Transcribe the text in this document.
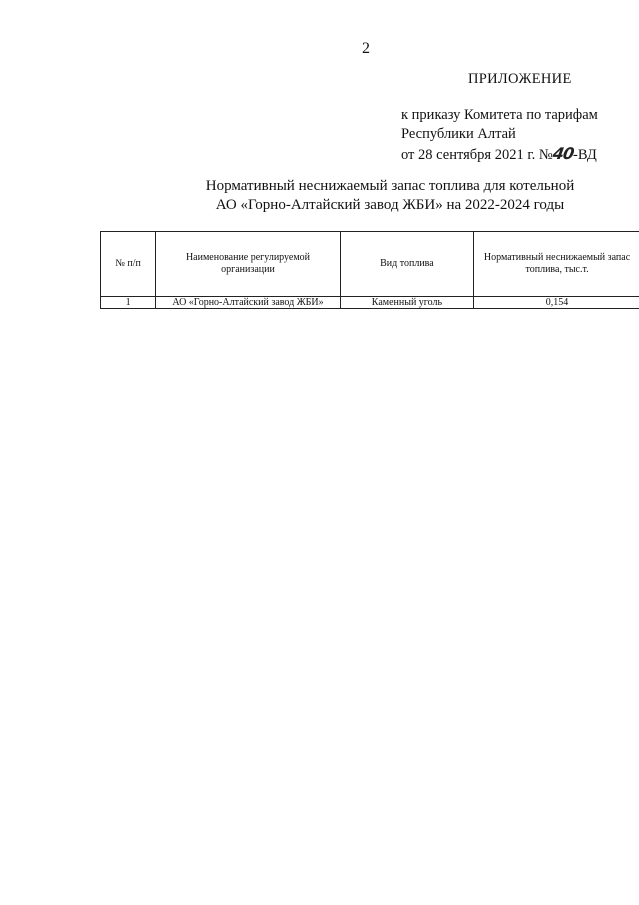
2
ПРИЛОЖЕНИЕ
к приказу Комитета по тарифам
Республики Алтай
от 28 сентября 2021 г. №40-ВД
Нормативный неснижаемый запас топлива для котельной
АО «Горно-Алтайский завод ЖБИ» на 2022-2024 годы
№ п/п	Наименование регулируемой организации	Вид топлива	Нормативный неснижаемый запас топлива, тыс.т.
1	АО «Горно-Алтайский завод ЖБИ»	Каменный уголь	0,154
